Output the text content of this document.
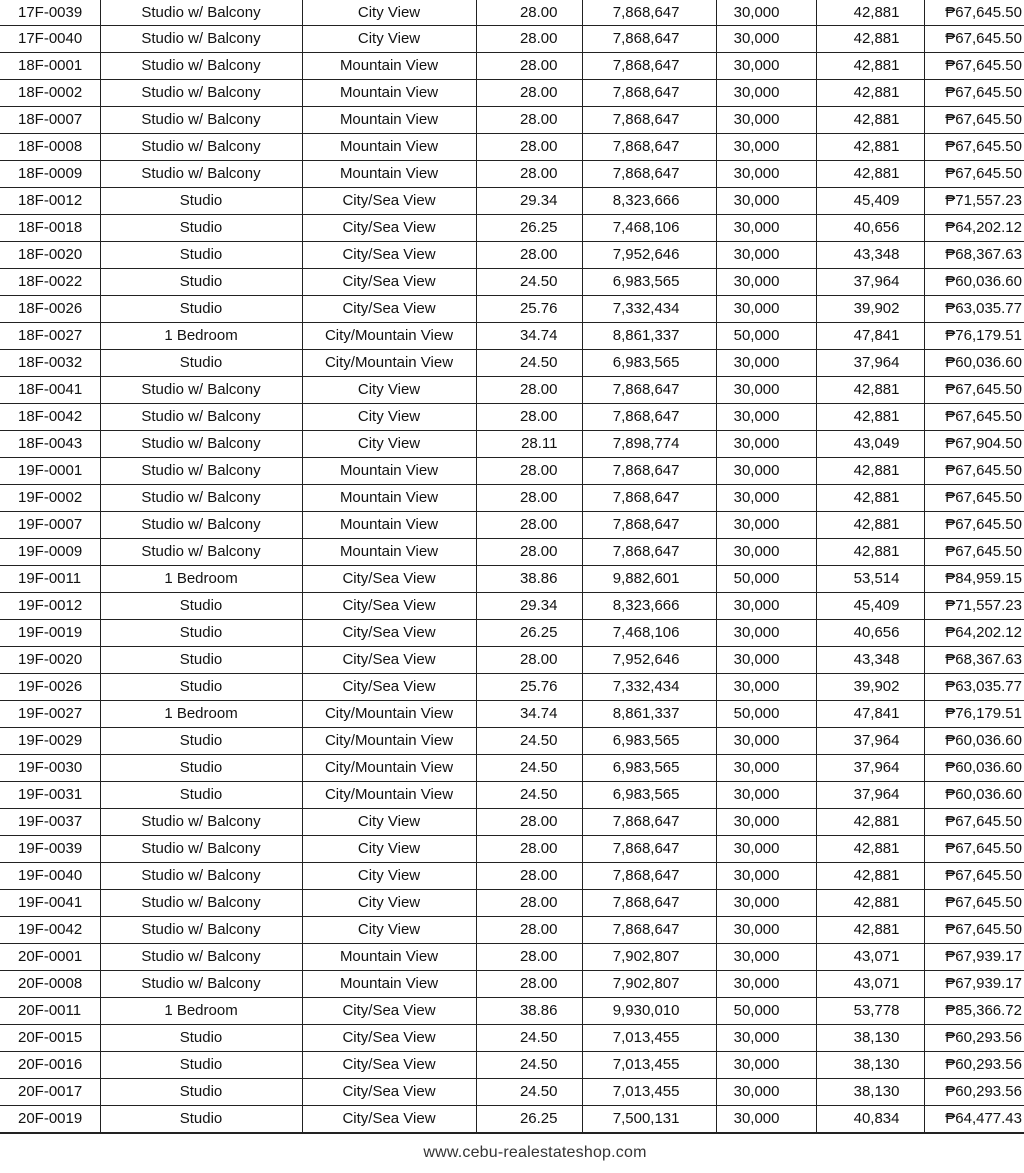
17F-0039	Studio w/ Balcony	City View	28.00	7,868,647	30,000	42,881	₱67,645.50
17F-0040	Studio w/ Balcony	City View	28.00	7,868,647	30,000	42,881	₱67,645.50
18F-0001	Studio w/ Balcony	Mountain View	28.00	7,868,647	30,000	42,881	₱67,645.50
18F-0002	Studio w/ Balcony	Mountain View	28.00	7,868,647	30,000	42,881	₱67,645.50
18F-0007	Studio w/ Balcony	Mountain View	28.00	7,868,647	30,000	42,881	₱67,645.50
18F-0008	Studio w/ Balcony	Mountain View	28.00	7,868,647	30,000	42,881	₱67,645.50
18F-0009	Studio w/ Balcony	Mountain View	28.00	7,868,647	30,000	42,881	₱67,645.50
18F-0012	Studio	City/Sea View	29.34	8,323,666	30,000	45,409	₱71,557.23
18F-0018	Studio	City/Sea View	26.25	7,468,106	30,000	40,656	₱64,202.12
18F-0020	Studio	City/Sea View	28.00	7,952,646	30,000	43,348	₱68,367.63
18F-0022	Studio	City/Sea View	24.50	6,983,565	30,000	37,964	₱60,036.60
18F-0026	Studio	City/Sea View	25.76	7,332,434	30,000	39,902	₱63,035.77
18F-0027	1 Bedroom	City/Mountain View	34.74	8,861,337	50,000	47,841	₱76,179.51
18F-0032	Studio	City/Mountain View	24.50	6,983,565	30,000	37,964	₱60,036.60
18F-0041	Studio w/ Balcony	City View	28.00	7,868,647	30,000	42,881	₱67,645.50
18F-0042	Studio w/ Balcony	City View	28.00	7,868,647	30,000	42,881	₱67,645.50
18F-0043	Studio w/ Balcony	City View	28.11	7,898,774	30,000	43,049	₱67,904.50
19F-0001	Studio w/ Balcony	Mountain View	28.00	7,868,647	30,000	42,881	₱67,645.50
19F-0002	Studio w/ Balcony	Mountain View	28.00	7,868,647	30,000	42,881	₱67,645.50
19F-0007	Studio w/ Balcony	Mountain View	28.00	7,868,647	30,000	42,881	₱67,645.50
19F-0009	Studio w/ Balcony	Mountain View	28.00	7,868,647	30,000	42,881	₱67,645.50
19F-0011	1 Bedroom	City/Sea View	38.86	9,882,601	50,000	53,514	₱84,959.15
19F-0012	Studio	City/Sea View	29.34	8,323,666	30,000	45,409	₱71,557.23
19F-0019	Studio	City/Sea View	26.25	7,468,106	30,000	40,656	₱64,202.12
19F-0020	Studio	City/Sea View	28.00	7,952,646	30,000	43,348	₱68,367.63
19F-0026	Studio	City/Sea View	25.76	7,332,434	30,000	39,902	₱63,035.77
19F-0027	1 Bedroom	City/Mountain View	34.74	8,861,337	50,000	47,841	₱76,179.51
19F-0029	Studio	City/Mountain View	24.50	6,983,565	30,000	37,964	₱60,036.60
19F-0030	Studio	City/Mountain View	24.50	6,983,565	30,000	37,964	₱60,036.60
19F-0031	Studio	City/Mountain View	24.50	6,983,565	30,000	37,964	₱60,036.60
19F-0037	Studio w/ Balcony	City View	28.00	7,868,647	30,000	42,881	₱67,645.50
19F-0039	Studio w/ Balcony	City View	28.00	7,868,647	30,000	42,881	₱67,645.50
19F-0040	Studio w/ Balcony	City View	28.00	7,868,647	30,000	42,881	₱67,645.50
19F-0041	Studio w/ Balcony	City View	28.00	7,868,647	30,000	42,881	₱67,645.50
19F-0042	Studio w/ Balcony	City View	28.00	7,868,647	30,000	42,881	₱67,645.50
20F-0001	Studio w/ Balcony	Mountain View	28.00	7,902,807	30,000	43,071	₱67,939.17
20F-0008	Studio w/ Balcony	Mountain View	28.00	7,902,807	30,000	43,071	₱67,939.17
20F-0011	1 Bedroom	City/Sea View	38.86	9,930,010	50,000	53,778	₱85,366.72
20F-0015	Studio	City/Sea View	24.50	7,013,455	30,000	38,130	₱60,293.56
20F-0016	Studio	City/Sea View	24.50	7,013,455	30,000	38,130	₱60,293.56
20F-0017	Studio	City/Sea View	24.50	7,013,455	30,000	38,130	₱60,293.56
20F-0019	Studio	City/Sea View	26.25	7,500,131	30,000	40,834	₱64,477.43
www.cebu-realestateshop.com
